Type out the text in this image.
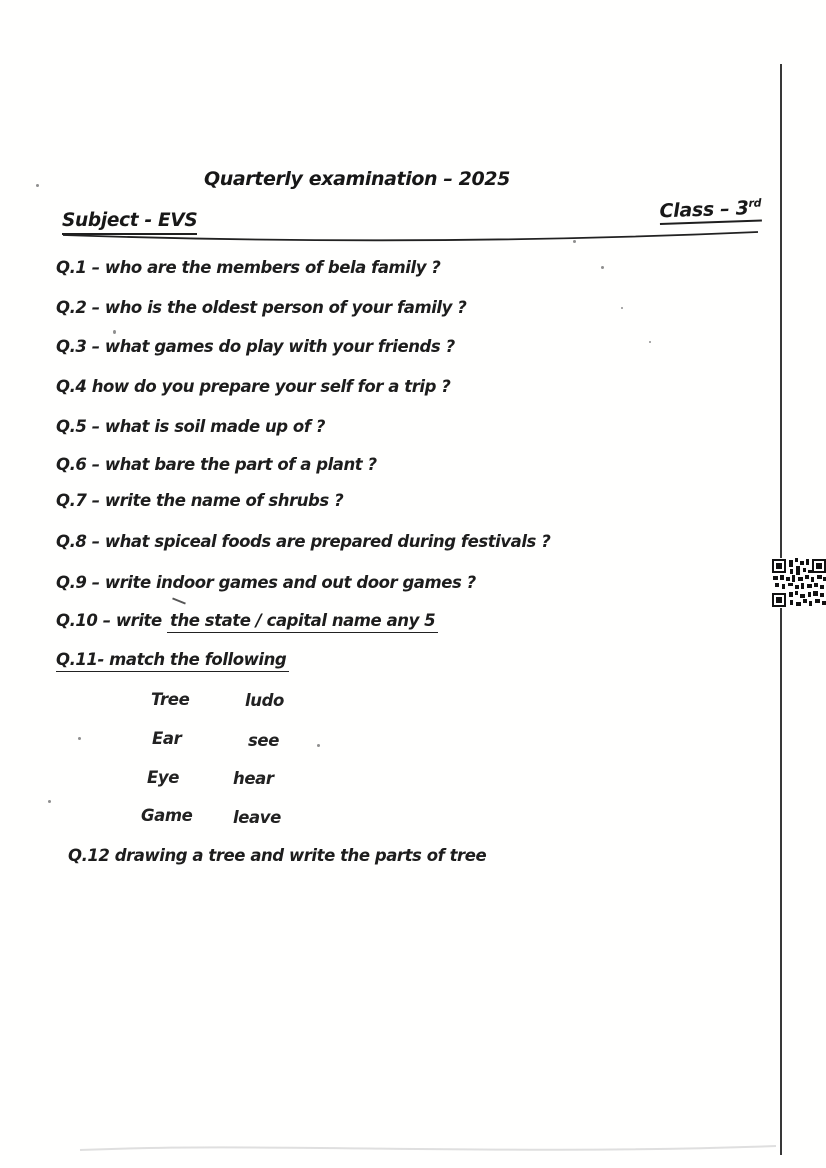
Quarterly examination – 2025
Subject - EVS	Class – 3rd
Q.1 – who are the members of bela family ?
Q.2 – who is the oldest person of your family ?
Q.3 – what games do play with your friends ?
Q.4 how do you prepare your self for a trip ?
Q.5 – what is soil made up of ?
Q.6 – what bare the part of a plant ?
Q.7 – write the name of shrubs ?
Q.8 – what spiceal foods are prepared during festivals ?
Q.9 – write indoor games and out door games ?
Q.10 – write the state / capital name any 5
Q.11- match the following
Tree	ludo
Ear	see
Eye	hear
Game leave
Q.12 drawing a tree and write the parts of tree
